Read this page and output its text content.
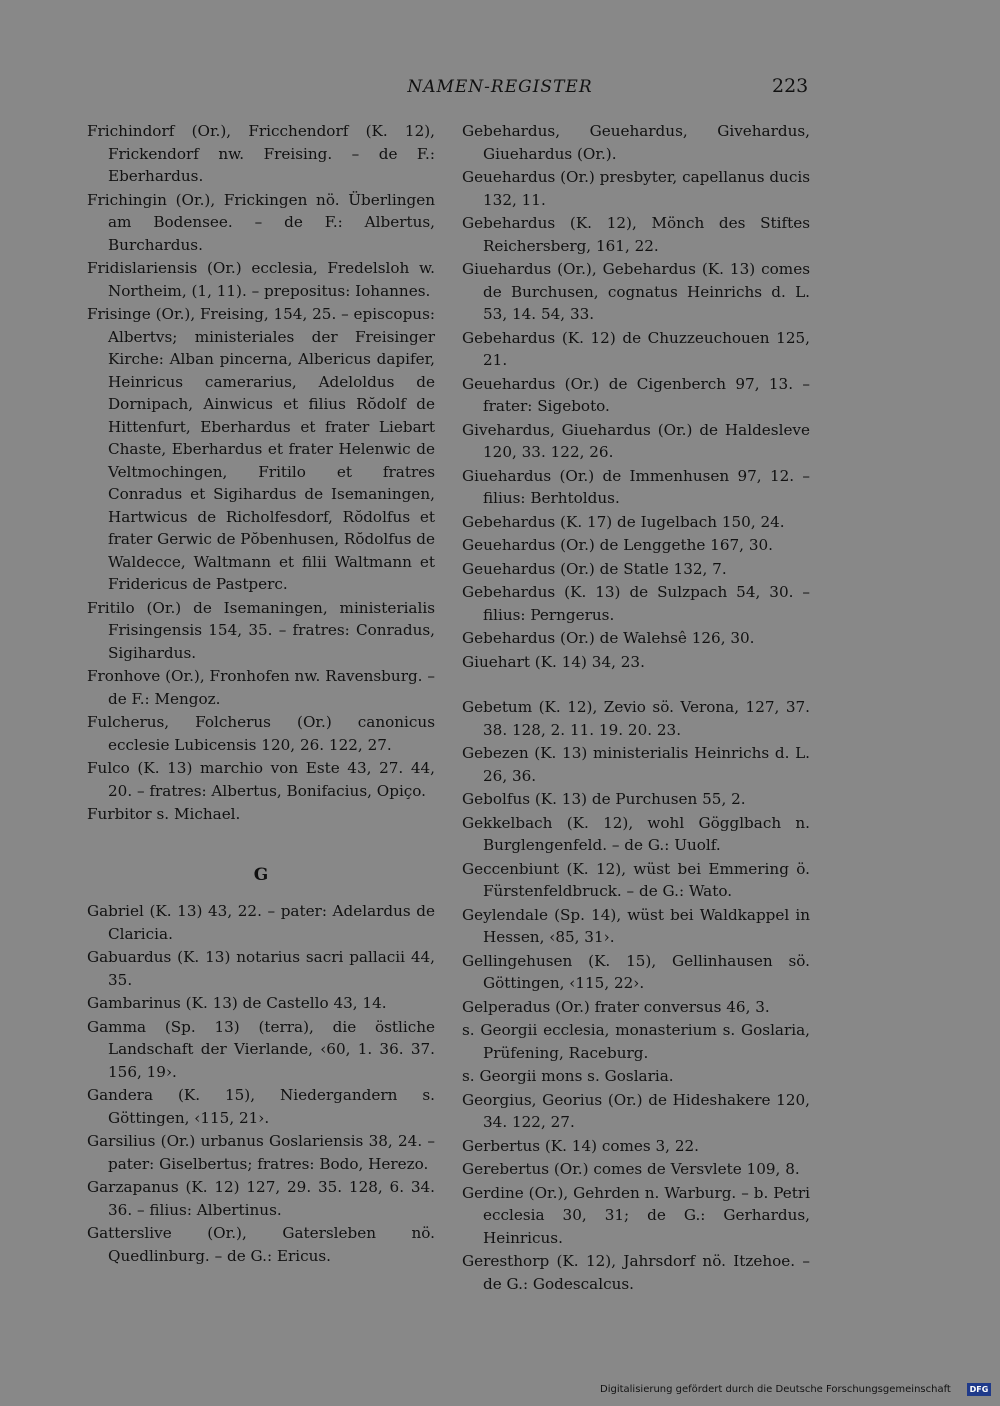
NAMEN-REGISTER	223

Frichindorf (Or.), Fricchendorf (K. 12), Frickendorf nw. Freising. – de F.: Eberhardus.

Frichingin (Or.), Frickingen nö. Überlingen am Bodensee. – de F.: Albertus, Burchardus.

Fridislariensis (Or.) ecclesia, Fredelsloh w. Northeim, (1, 11). – prepositus: Iohannes.

Frisinge (Or.), Freising, 154, 25. – episcopus: Albertvs; ministeriales der Freisinger Kirche: Alban pincerna, Albericus dapifer, Heinricus camerarius, Adeloldus de Dornipach, Ainwicus et filius Rŏdolf de Hittenfurt, Eberhardus et frater Liebart Chaste, Eberhardus et frater Helenwic de Veltmochingen, Fritilo et fratres Conradus et Sigihardus de Isemaningen, Hartwicus de Richolfesdorf, Rŏdolfus et frater Gerwic de Pŏbenhusen, Rŏdolfus de Waldecce, Waltmann et filii Waltmann et Fridericus de Pastperc.

Fritilo (Or.) de Isemaningen, ministerialis Frisingensis 154, 35. – fratres: Conradus, Sigihardus.

Fronhove (Or.), Fronhofen nw. Ravensburg. – de F.: Mengoz.

Fulcherus, Folcherus (Or.) canonicus ecclesie Lubicensis 120, 26. 122, 27.

Fulco (K. 13) marchio von Este 43, 27. 44, 20. – fratres: Albertus, Bonifacius, Opiço.

Furbitor s. Michael.

G

Gabriel (K. 13) 43, 22. – pater: Adelardus de Claricia.

Gabuardus (K. 13) notarius sacri pallacii 44, 35.

Gambarinus (K. 13) de Castello 43, 14.

Gamma (Sp. 13) (terra), die östliche Landschaft der Vierlande, ‹60, 1. 36. 37. 156, 19›.

Gandera (K. 15), Niedergandern s. Göttingen, ‹115, 21›.

Garsilius (Or.) urbanus Goslariensis 38, 24. – pater: Giselbertus; fratres: Bodo, Herezo.

Garzapanus (K. 12) 127, 29. 35. 128, 6. 34. 36. – filius: Albertinus.

Gatterslive (Or.), Gatersleben nö. Quedlinburg. – de G.: Ericus.

Gebehardus, Geuehardus, Givehardus, Giuehardus (Or.).

Geuehardus (Or.) presbyter, capellanus ducis 132, 11.

Gebehardus (K. 12), Mönch des Stiftes Reichersberg, 161, 22.

Giuehardus (Or.), Gebehardus (K. 13) comes de Burchusen, cognatus Heinrichs d. L. 53, 14. 54, 33.

Gebehardus (K. 12) de Chuzzeuchouen 125, 21.

Geuehardus (Or.) de Cigenberch 97, 13. – frater: Sigeboto.

Givehardus, Giuehardus (Or.) de Haldesleve 120, 33. 122, 26.

Giuehardus (Or.) de Immenhusen 97, 12. – filius: Berhtoldus.

Gebehardus (K. 17) de Iugelbach 150, 24.

Geuehardus (Or.) de Lenggethe 167, 30.

Geuehardus (Or.) de Statle 132, 7.

Gebehardus (K. 13) de Sulzpach 54, 30. – filius: Perngerus.

Gebehardus (Or.) de Walehsê 126, 30.

Giuehart (K. 14) 34, 23.

Gebetum (K. 12), Zevio sö. Verona, 127, 37. 38. 128, 2. 11. 19. 20. 23.

Gebezen (K. 13) ministerialis Heinrichs d. L. 26, 36.

Gebolfus (K. 13) de Purchusen 55, 2.

Gekkelbach (K. 12), wohl Gögglbach n. Burglengenfeld. – de G.: Uuolf.

Geccenbiunt (K. 12), wüst bei Emmering ö. Fürstenfeldbruck. – de G.: Wato.

Geylendale (Sp. 14), wüst bei Waldkappel in Hessen, ‹85, 31›.

Gellingehusen (K. 15), Gellinhausen sö. Göttingen, ‹115, 22›.

Gelperadus (Or.) frater conversus 46, 3.

s. Georgii ecclesia, monasterium s. Goslaria, Prüfening, Raceburg.

s. Georgii mons s. Goslaria.

Georgius, Georius (Or.) de Hideshakere 120, 34. 122, 27.

Gerbertus (K. 14) comes 3, 22.

Gerebertus (Or.) comes de Versvlete 109, 8.

Gerdine (Or.), Gehrden n. Warburg. – b. Petri ecclesia 30, 31; de G.: Gerhardus, Heinricus.

Geresthorp (K. 12), Jahrsdorf nö. Itzehoe. – de G.: Godescalcus.

Digitalisierung gefördert durch die Deutsche Forschungsgemeinschaft	DFG
